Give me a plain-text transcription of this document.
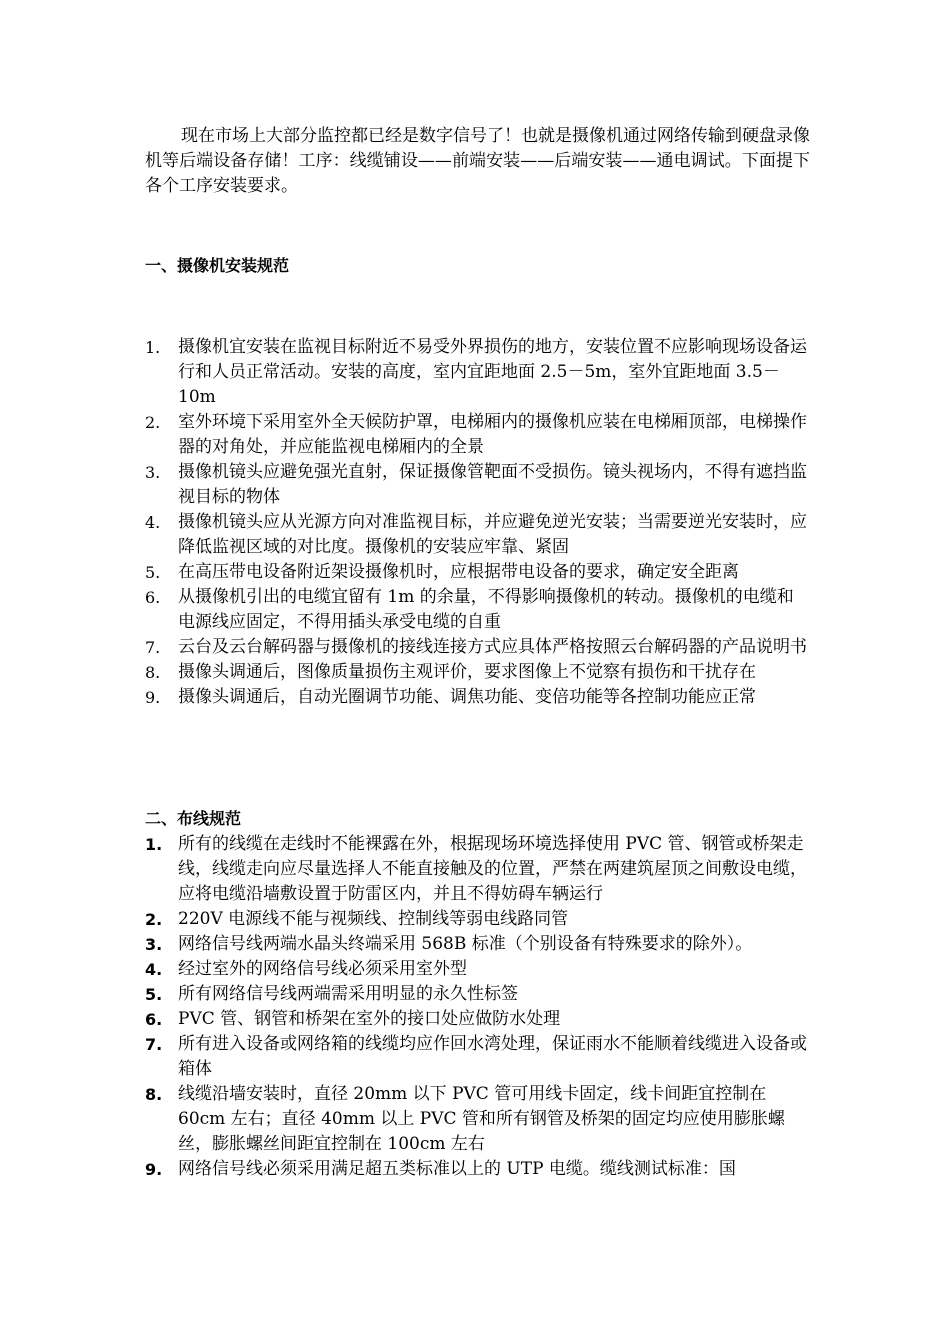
现在市场上大部分监控都已经是数字信号了！也就是摄像机通过网络传输到硬盘录像机等后端设备存储！工序：线缆铺设——前端安装——后端安装——通电调试。下面提下各个工序安装要求。

一、摄像机安装规范

1.	摄像机宜安装在监视目标附近不易受外界损伤的地方，安装位置不应影响现场设备运行和人员正常活动。安装的高度，室内宜距地面 2.5－5m，室外宜距地面 3.5－10m
2.	室外环境下采用室外全天候防护罩，电梯厢内的摄像机应装在电梯厢顶部，电梯操作器的对角处，并应能监视电梯厢内的全景
3.	摄像机镜头应避免强光直射，保证摄像管靶面不受损伤。镜头视场内，不得有遮挡监视目标的物体
4.	摄像机镜头应从光源方向对准监视目标，并应避免逆光安装；当需要逆光安装时，应降低监视区域的对比度。摄像机的安装应牢靠、紧固
5.	在高压带电设备附近架设摄像机时，应根据带电设备的要求，确定安全距离
6.	从摄像机引出的电缆宜留有 1m 的余量，不得影响摄像机的转动。摄像机的电缆和电源线应固定，不得用插头承受电缆的自重
7.	云台及云台解码器与摄像机的接线连接方式应具体严格按照云台解码器的产品说明书
8.	摄像头调通后，图像质量损伤主观评价，要求图像上不觉察有损伤和干扰存在
9.	摄像头调通后，自动光圈调节功能、调焦功能、变倍功能等各控制功能应正常

二、布线规范

1. 所有的线缆在走线时不能裸露在外，根据现场环境选择使用 PVC 管、钢管或桥架走线，线缆走向应尽量选择人不能直接触及的位置，严禁在两建筑屋顶之间敷设电缆，应将电缆沿墙敷设置于防雷区内，并且不得妨碍车辆运行
2. 220V 电源线不能与视频线、控制线等弱电线路同管
3. 网络信号线两端水晶头终端采用 568B 标准（个别设备有特殊要求的除外）。
4. 经过室外的网络信号线必须采用室外型
5. 所有网络信号线两端需采用明显的永久性标签
6. PVC 管、钢管和桥架在室外的接口处应做防水处理
7. 所有进入设备或网络箱的线缆均应作回水湾处理，保证雨水不能顺着线缆进入设备或箱体
8. 线缆沿墙安装时，直径 20mm 以下 PVC 管可用线卡固定，线卡间距宜控制在 60cm 左右；直径 40mm 以上 PVC 管和所有钢管及桥架的固定均应使用膨胀螺丝，膨胀螺丝间距宜控制在 100cm 左右
9. 网络信号线必须采用满足超五类标准以上的 UTP 电缆。缆线测试标准：国
